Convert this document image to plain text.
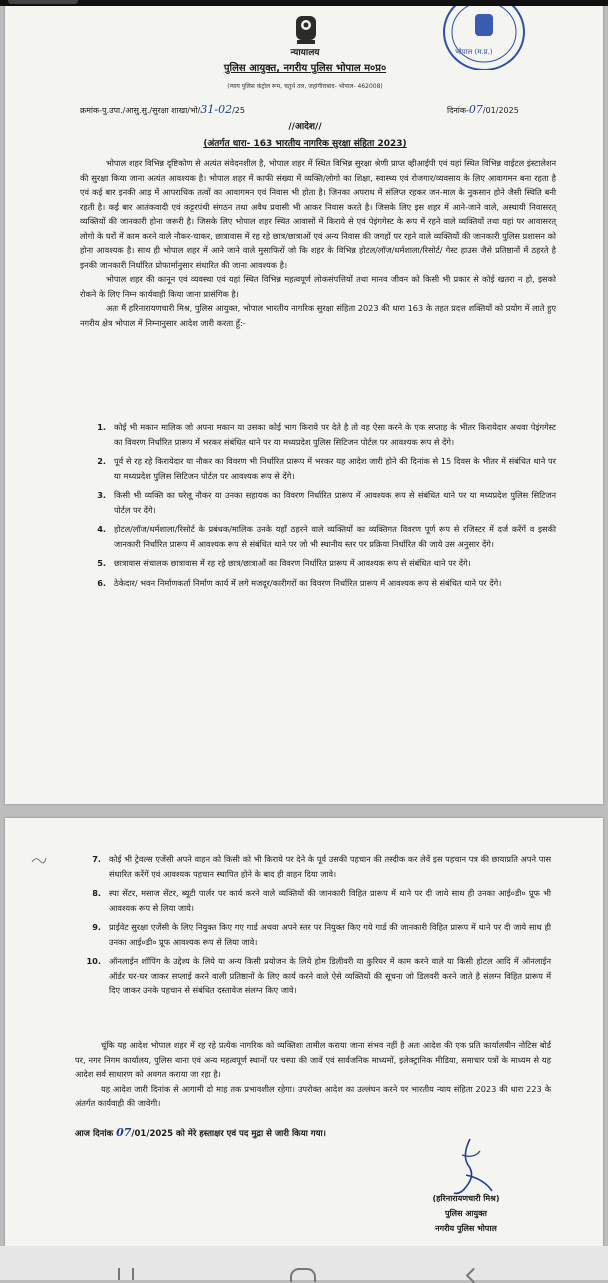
न्यायालय
पुलिस आयुक्त, नगरीय पुलिस भोपाल म०प्र०
(न्याय पुलिस कंट्रोल रूम, चतुर्थ तल, जहांगीराबाद- भोपाल- 462008)
भोपाल (म.प्र.)
क्रमांक-पु.उपा./आसु.सु./सुरक्षा शाखा/भो/31-02/25	दिनांक-07/01/2025
//आदेश//
(अंतर्गत धारा- 163 भारतीय नागरिक सुरक्षा संहिता 2023)

भोपाल शहर विभिन्न दृष्टिकोण से अत्यंत संवेदनशील है, भोपाल शहर में स्थित विभिन्न सुरक्षा श्रेणी प्राप्त व्हीआईपी एवं यहां स्थित विभिन्न वाईटल इंस्टालेशन की सुरक्षा किया जाना अत्यंत आवश्यक है। भोपाल शहर में काफी संख्या में व्यक्ति/लोगो का शिक्षा, स्वास्थ्य एवं रोजगार/व्यवसाय के लिए आवागमन बना रहता है एवं कई बार इनकी आड़ में आपराधिक तत्वों का आवागमन एवं निवास भी होता है। जिनका अपराध में संलिप्त रहकर जन-माल के नुकसान होने जैसी स्थिति बनी रहती है। कई बार आतंकवादी एवं कट्टरपंथी संगठन तथा अवैध प्रवासी भी आकर निवास करते है। जिसके लिए इस शहर में आने-जाने वाले, अस्थायी निवासरत् व्यक्तियों की जानकारी होना जरूरी है। जिसके लिए भोपाल शहर स्थित आवासों में किराये से एवं पेइंगगेस्ट के रूप में रहने वाले व्यक्तियों तथा यहां पर आवासरत् लोगो के घरों में काम करने वाले नौकर-चाकर, छात्रावास में रह रहे छात्र/छात्राओं एवं अन्य निवास की जगहों पर रहने वाले व्यक्तियों की जानकारी पुलिस प्रशासन को होना आवश्यक है। साथ ही भोपाल शहर में आने जाने वाले मुसाफिरों जो कि शहर के विभिन्न होटल/लॉज/धर्मशाला/रिसोर्ट/ गेस्ट हाउस जैसे प्रतिष्ठानों में ठहरते है इनकी जानकारी निर्धारित प्रोफार्मानुसार संधारित की जाना आवश्यक है।

भोपाल शहर की कानून एवं व्यवस्था एवं यहां स्थित विभिन्न महत्वपूर्ण लोकसंपत्तियों तथा मानव जीवन को किसी भी प्रकार से कोई खतरा न हो, इसको रोकने के लिए निम्न कार्यवाही किया जाना प्रासंगिक है।

अतः मैं हरिनारायणचारी मिश्र, पुलिस आयुक्त, भोपाल भारतीय नागरिक सुरक्षा संहिता 2023 की धारा 163 के तहत प्रदत्त शक्तियों को प्रयोग में लाते हुए नगरीय क्षेत्र भोपाल में निम्नानुसार आदेश जारी करता हूँ:-

1. कोई भी मकान मालिक जो अपना मकान या उसका कोई भाग किराये पर देते है तो वह ऐसा करने के एक सप्ताह के भीतर किरायेदार अथवा पेइंगगेस्ट का विवरण निर्धारित प्रारूप में भरकर संबंधित थाने पर या मध्यप्रदेश पुलिस सिटिजन पोर्टल पर आवश्यक रूप से देंगे।
2. पूर्व से रह रहे किरायेदार या नौकर का विवरण भी निर्धारित प्रारूप में भरकर यह आदेश जारी होने की दिनांक से 15 दिवस के भीतर में संबंधित थाने पर या मध्यप्रदेश पुलिस सिटिजन पोर्टल पर आवश्यक रूप से देंगे।
3. किसी भी व्यक्ति का घरेलू नौकर या उनका सहायक का विवरण निर्धारित प्रारूप में आवश्यक रूप से संबंधित थाने पर या मध्यप्रदेश पुलिस सिटिजन पोर्टल पर देंगे।
4. होटल/लॉज/धर्मशाला/रिसोर्ट के प्रबंधक/मालिक उनके यहाँ ठहरने वाले व्यक्तियों का व्यक्तिगत विवरण पूर्ण रूप से रजिस्टर में दर्ज करेंगें व इसकी जानकारी निर्धारित प्रारूप में आवश्यक रूप से संबंधित थाने पर जो भी स्थानीय स्तर पर प्रक्रिया निर्धारित की जाये उस अनुसार देंगे।
5. छात्रावास संचालक छात्रावास में रह रहे छात्र/छात्राओं का विवरण निर्धारित प्रारूप में आवश्यक रूप से संबंधित थाने पर देंगे।
6. ठेकेदार/ भवन निर्माणकर्ता निर्माण कार्य में लगे मजदूर/कारीगरों का विवरण निर्धारित प्रारूप में आवश्यक रूप से संबंधित थाने पर देंगे।
7. कोई भी ट्रेवल्स एजेंसी अपने वाहन को किसी को भी किराये पर देने के पूर्व उसकी पहचान की तस्दीक कर लेवें इस पहचान पत्र की छायाप्रति अपने पास संधारित करेंगें एवं आवश्यक पहचान स्थापित होने के बाद ही वाहन दिया जावे।
8. स्पा सेंटर, मसाज सेंटर, ब्यूटी पार्लर पर कार्य करने वाले व्यक्तियों की जानकारी विहित प्रारूप में थाने पर दी जाये साथ ही उनका आई०डी० प्रूफ भी आवश्यक रूप से लिया जाये।
9. प्राईवेट सुरक्षा एजेंसी के लिए नियुक्त किए गए गार्ड अथवा अपने स्तर पर नियुक्त किए गये गार्ड की जानकारी विहित प्रारूप में थाने पर दी जाये साथ ही उनका आई०डी० प्रूफ आवश्यक रूप से लिया जावे।
10. ऑनलाईन शॉपिंग के उद्देश्य के लिये या अन्य किसी प्रयोजन के लिये होम डिलीवरी या कुरियर में काम करने वाले या किसी होटल आदि में ऑनलाईन ऑर्डर घर-घर जाकर सप्लाई करने वाली प्रतिष्ठानों के लिए कार्य करने वाले ऐसे व्यक्तियों की सूचना जो डिलवरी करने जाते है संलग्न विहित प्रारूप में दिए जाकर उनके पहचान से संबंधित दस्तावेज संलग्न किए जावे।

चूंकि यह आदेश भोपाल शहर में रह रहे प्रत्येक नागरिक को व्यक्तिशः तामील कराया जाना संभव नहीं है अतः आदेश की एक प्रति कार्यालयीन नोटिस बोर्ड पर, नगर निगम कार्यालय, पुलिस थाना एवं अन्य महत्वपूर्ण स्थानों पर चस्पा की जावें एवं सार्वजनिक माध्यमों, इलेक्ट्रानिक मीडिया, समाचार पत्रों के माध्यम से यह आदेश सर्व साधारण को अवगत कराया जा रहा है।

यह आदेश जारी दिनांक से आगामी दो माह तक प्रभावशील रहेगा। उपरोक्त आदेश का उल्लंघन करने पर भारतीय न्याय संहिता 2023 की धारा 223 के अंतर्गत कार्यवाही की जावेगी।

आज दिनांक 07/01/2025 को मेरे हस्ताक्षर एवं पद मुद्रा से जारी किया गया।
(हरिनारायणचारी मिश्र)
पुलिस आयुक्त
नगरीय पुलिस भोपाल
